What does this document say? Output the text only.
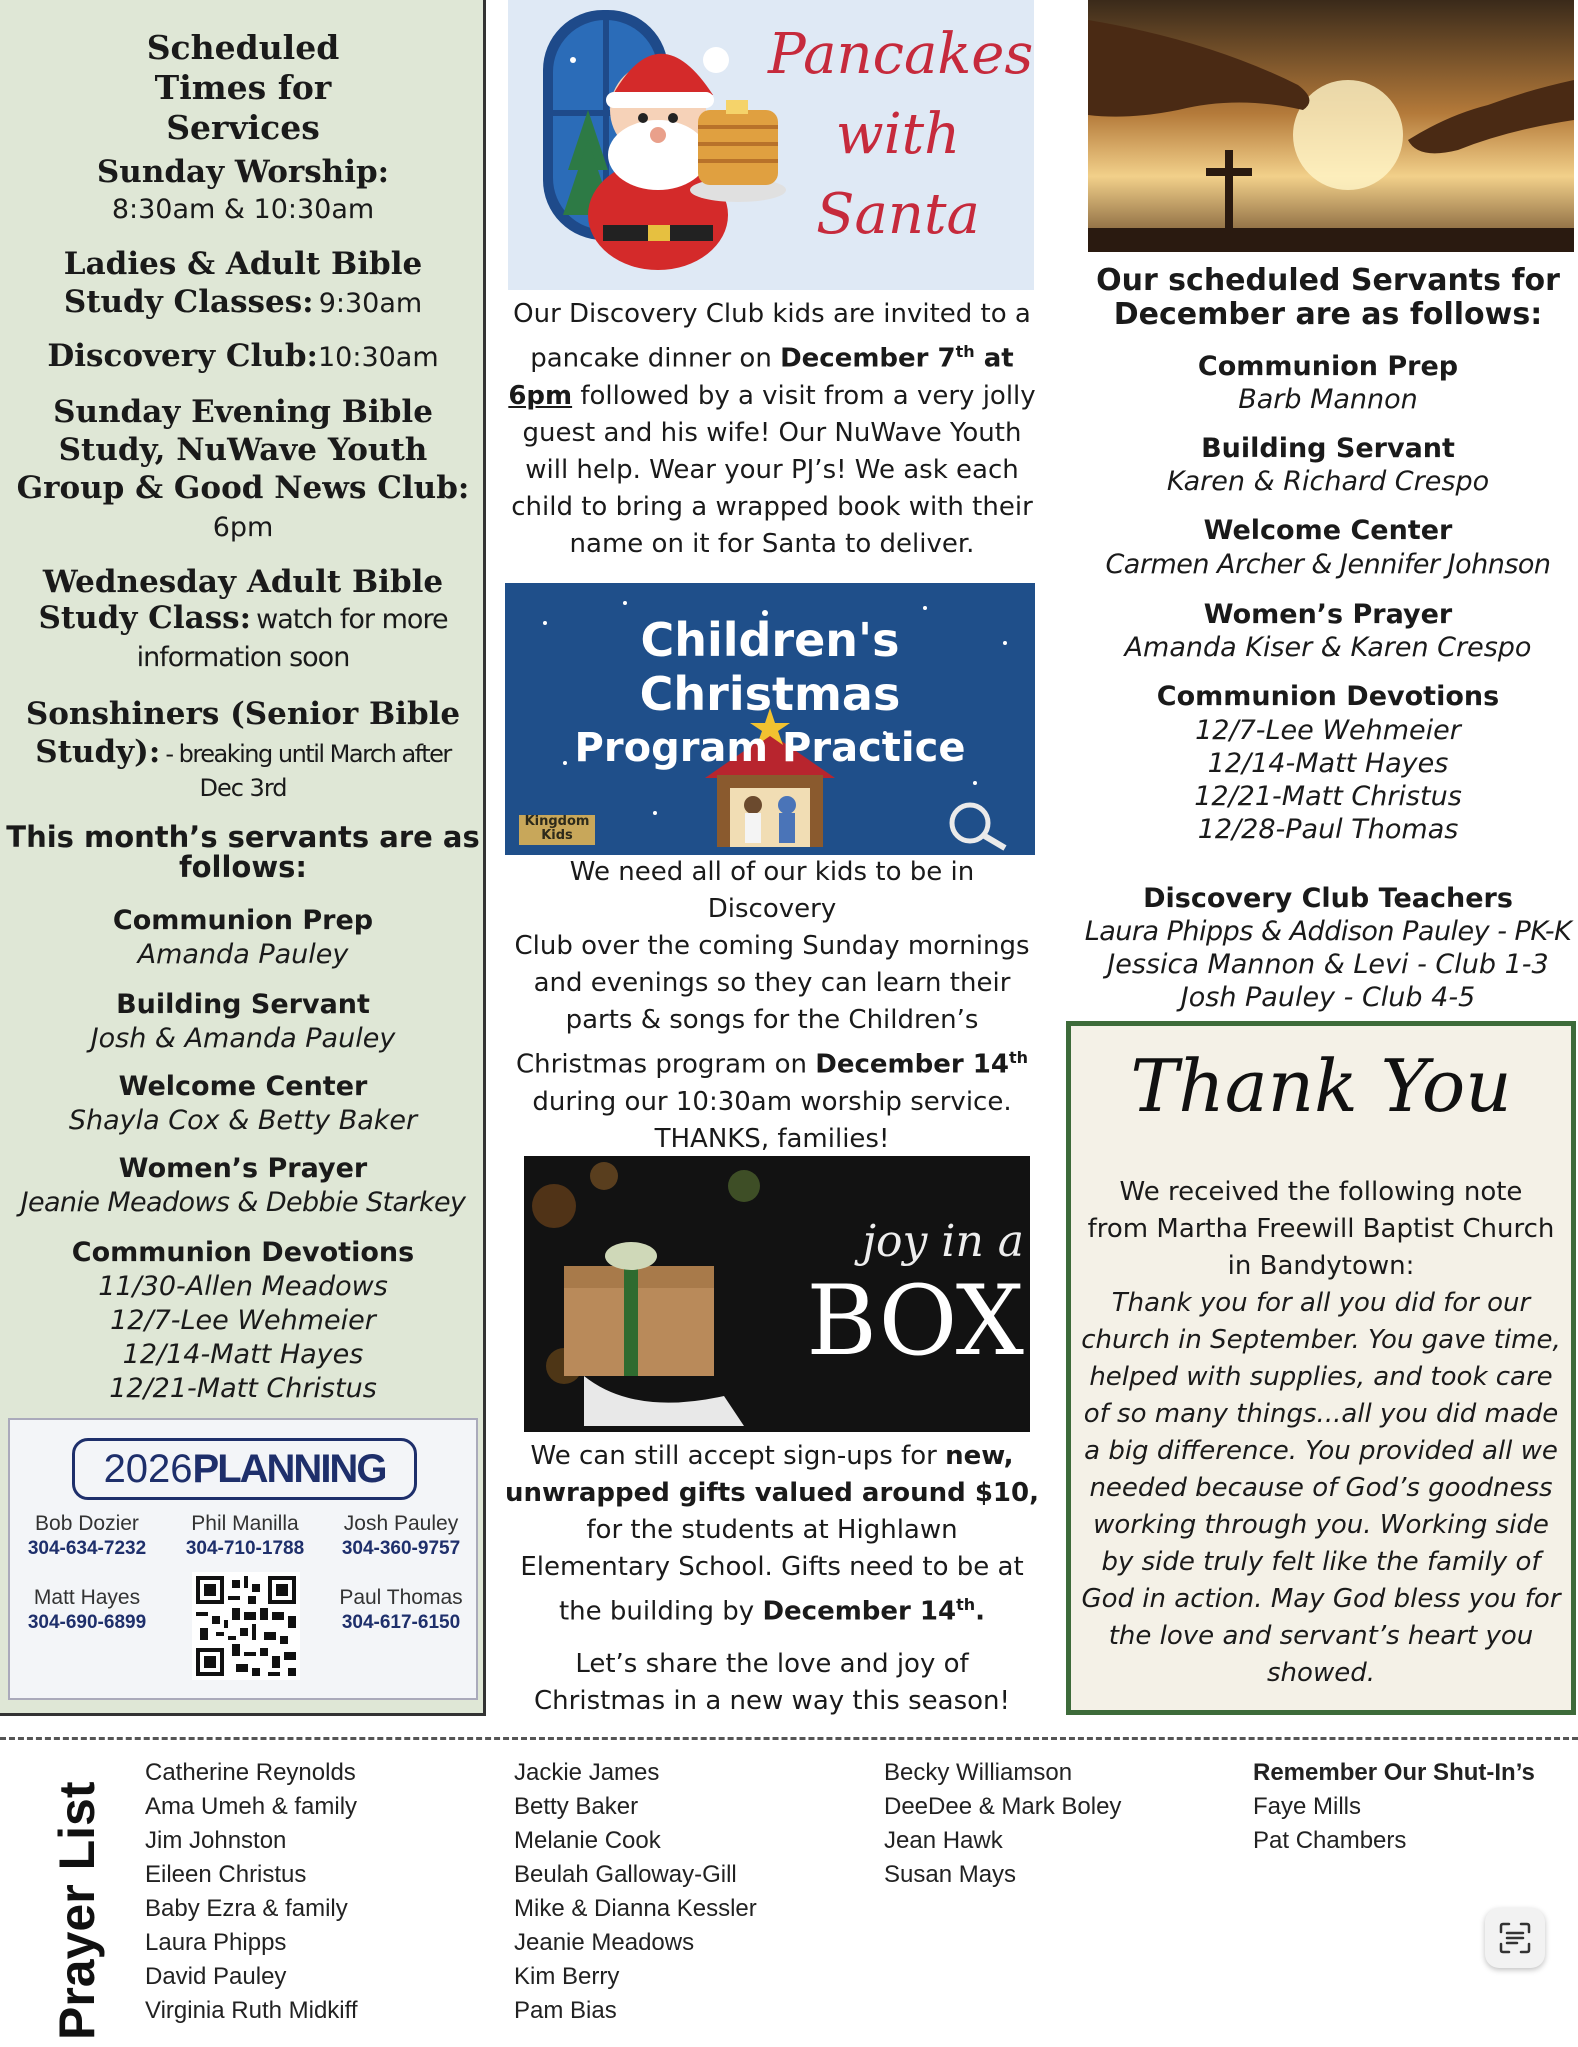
Scheduled Times for Services
Sunday Worship:
8:30am & 10:30am
Ladies & Adult Bible
Study Classes: 9:30am
Discovery Club:10:30am
Sunday Evening Bible
Study, NuWave Youth
Group & Good News Club:
6pm
Wednesday Adult Bible
Study Class: watch for more
information soon
Sonshiners (Senior Bible
Study): - breaking until March after
Dec 3rd
This month’s servants are as
follows:
Communion Prep
Amanda Pauley
Building Servant
Josh & Amanda Pauley
Welcome Center
Shayla Cox & Betty Baker
Women’s Prayer
Jeanie Meadows & Debbie Starkey
Communion Devotions
11/30-Allen Meadows
12/7-Lee Wehmeier
12/14-Matt Hayes
12/21-Matt Christus
2026PLANNING
Bob Dozier
304-634-7232
Phil Manilla
304-710-1788
Josh Pauley
304-360-9757
Matt Hayes
304-690-6899
Paul Thomas
304-617-6150
Pancakes
with
Santa
Our Discovery Club kids are invited to a
pancake dinner on December 7th at
6pm followed by a visit from a very jolly
guest and his wife! Our NuWave Youth
will help. Wear your PJ’s! We ask each
child to bring a wrapped book with their
name on it for Santa to deliver.
Children's Christmas
Program Practice
Kingdom Kids
We need all of our kids to be in Discovery
Club over the coming Sunday mornings
and evenings so they can learn their
parts & songs for the Children’s
Christmas program on December 14th
during our 10:30am worship service.
THANKS, families!
joy in a
BOX
We can still accept sign-ups for new,
unwrapped gifts valued around $10,
for the students at Highlawn
Elementary School. Gifts need to be at
the building by December 14th.
Let’s share the love and joy of
Christmas in a new way this season!
Our scheduled Servants for
December are as follows:
Communion Prep
Barb Mannon
Building Servant
Karen & Richard Crespo
Welcome Center
Carmen Archer & Jennifer Johnson
Women’s Prayer
Amanda Kiser & Karen Crespo
Communion Devotions
12/7-Lee Wehmeier
12/14-Matt Hayes
12/21-Matt Christus
12/28-Paul Thomas
Discovery Club Teachers
Laura Phipps & Addison Pauley - PK-K
Jessica Mannon & Levi - Club 1-3
Josh Pauley - Club 4-5
Thank You
We received the following note
from Martha Freewill Baptist Church
in Bandytown:
Thank you for all you did for our
church in September. You gave time,
helped with supplies, and took care
of so many things...all you did made
a big difference. You provided all we
needed because of God’s goodness
working through you. Working side
by side truly felt like the family of
God in action. May God bless you for
the love and servant’s heart you
showed.
Prayer List
Catherine Reynolds
Ama Umeh & family
Jim Johnston
Eileen Christus
Baby Ezra & family
Laura Phipps
David Pauley
Virginia Ruth Midkiff
Jackie James
Betty Baker
Melanie Cook
Beulah Galloway-Gill
Mike & Dianna Kessler
Jeanie Meadows
Kim Berry
Pam Bias
Becky Williamson
DeeDee & Mark Boley
Jean Hawk
Susan Mays
Remember Our Shut-In’s
Faye Mills
Pat Chambers
